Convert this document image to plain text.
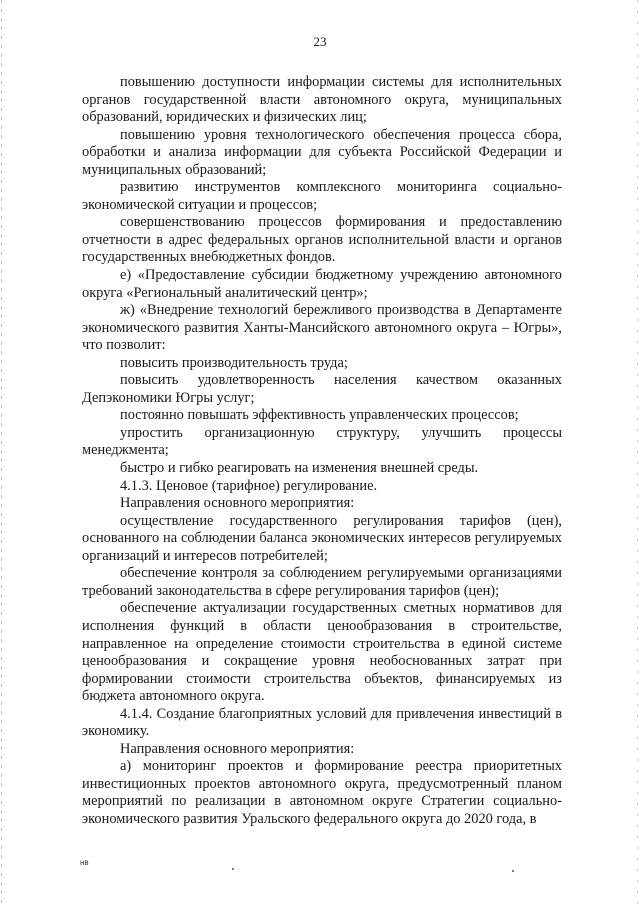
23

повышению доступности информации системы для исполнительных органов государственной власти автономного округа, муниципальных образований, юридических и физических лиц;

повышению уровня технологического обеспечения процесса сбора, обработки и анализа информации для субъекта Российской Федерации и муниципальных образований;

развитию инструментов комплексного мониторинга социально-экономической ситуации и процессов;

совершенствованию процессов формирования и предоставлению отчетности в адрес федеральных органов исполнительной власти и органов государственных внебюджетных фондов.

е) «Предоставление субсидии бюджетному учреждению автономного округа «Региональный аналитический центр»;

ж) «Внедрение технологий бережливого производства в Департаменте экономического развития Ханты-Мансийского автономного округа – Югры», что позволит:

повысить производительность труда;

повысить удовлетворенность населения качеством оказанных Депэкономики Югры услуг;

постоянно повышать эффективность управленческих процессов;

упростить организационную структуру, улучшить процессы менеджмента;

быстро и гибко реагировать на изменения внешней среды.

4.1.3. Ценовое (тарифное) регулирование.

Направления основного мероприятия:

осуществление государственного регулирования тарифов (цен), основанного на соблюдении баланса экономических интересов регулируемых организаций и интересов потребителей;

обеспечение контроля за соблюдением регулируемыми организациями требований законодательства в сфере регулирования тарифов (цен);

обеспечение актуализации государственных сметных нормативов для исполнения функций в области ценообразования в строительстве, направленное на определение стоимости строительства в единой системе ценообразования и сокращение уровня необоснованных затрат при формировании стоимости строительства объектов, финансируемых из бюджета автономного округа.

4.1.4. Создание благоприятных условий для привлечения инвестиций в экономику.

Направления основного мероприятия:

а) мониторинг проектов и формирование реестра приоритетных инвестиционных проектов автономного округа, предусмотренный планом мероприятий по реализации в автономном округе Стратегии социально-экономического развития Уральского федерального округа до 2020 года, в

нв
